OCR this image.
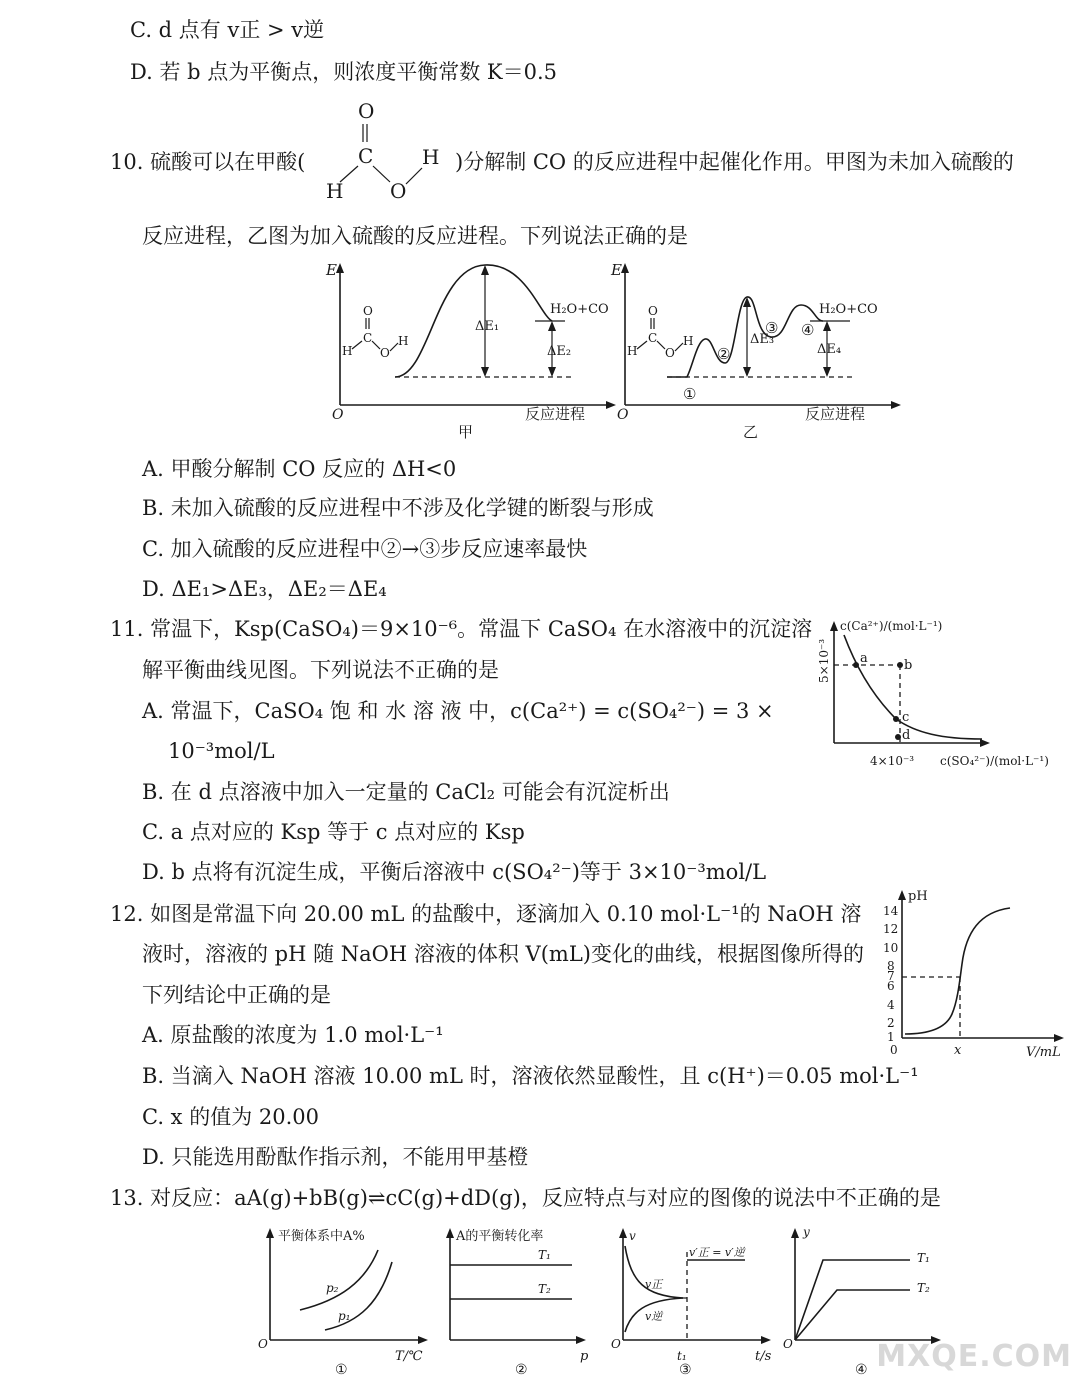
C. d 点有 v正 > v逆
D. 若 b 点为平衡点，则浓度平衡常数 K＝0.5
10. 硫酸可以在甲酸(
O
C
H O
H )分解制 CO 的反应进程中起催化作用。甲图为未加入硫酸的
反应进程，乙图为加入硫酸的反应进程。下列说法正确的是
E
O	反应进程
甲
O
C
H O
H
ΔE₁
ΔE₂
H₂O+CO
E
O	反应进程
乙
O
C
H O
H	ΔE₃
ΔE₄
H₂O+CO
①
②
③ ④
A. 甲酸分解制 CO 反应的 ΔH<0
B. 未加入硫酸的反应进程中不涉及化学键的断裂与形成
C. 加入硫酸的反应进程中②→③步反应速率最快
D. ΔE₁>ΔE₃，ΔE₂＝ΔE₄
11. 常温下，Ksp(CaSO₄)＝9×10⁻⁶。常温下 CaSO₄ 在水溶液中的沉淀溶
解平衡曲线见图。下列说法不正确的是
A. 常温下，CaSO₄ 饱 和 水 溶 液 中，c(Ca²⁺) = c(SO₄²⁻) = 3 ×
10⁻³mol/L
B. 在 d 点溶液中加入一定量的 CaCl₂ 可能会有沉淀析出
C. a 点对应的 Ksp 等于 c 点对应的 Ksp
D. b 点将有沉淀生成，平衡后溶液中 c(SO₄²⁻)等于 3×10⁻³mol/L
c(Ca²⁺)/(mol·L⁻¹)
c(SO₄²⁻)/(mol·L⁻¹)
4×10⁻³
5×10⁻³ a	b
c
d
12. 如图是常温下向 20.00 mL 的盐酸中，逐滴加入 0.10 mol·L⁻¹的 NaOH 溶
液时，溶液的 pH 随 NaOH 溶液的体积 V(mL)变化的曲线，根据图像所得的
下列结论中正确的是
A. 原盐酸的浓度为 1.0 mol·L⁻¹
B. 当滴入 NaOH 溶液 10.00 mL 时，溶液依然显酸性，且 c(H⁺)＝0.05 mol·L⁻¹
C. x 的值为 20.00
D. 只能选用酚酞作指示剂，不能用甲基橙
pH
V/mL
0	x
1
2
4
6
7
8
10
12
14
13. 对反应：aA(g)+bB(g)⇌cC(g)+dD(g)，反应特点与对应的图像的说法中不正确的是
平衡体系中A%
O
T/℃
①
p₂
p₁
A的平衡转化率
p
②
T₁
T₂
v
O
t/s
t₁
③
v正
v逆
v′正 = v′逆
y
O
④
T₁
T₂
MXQE.COM
